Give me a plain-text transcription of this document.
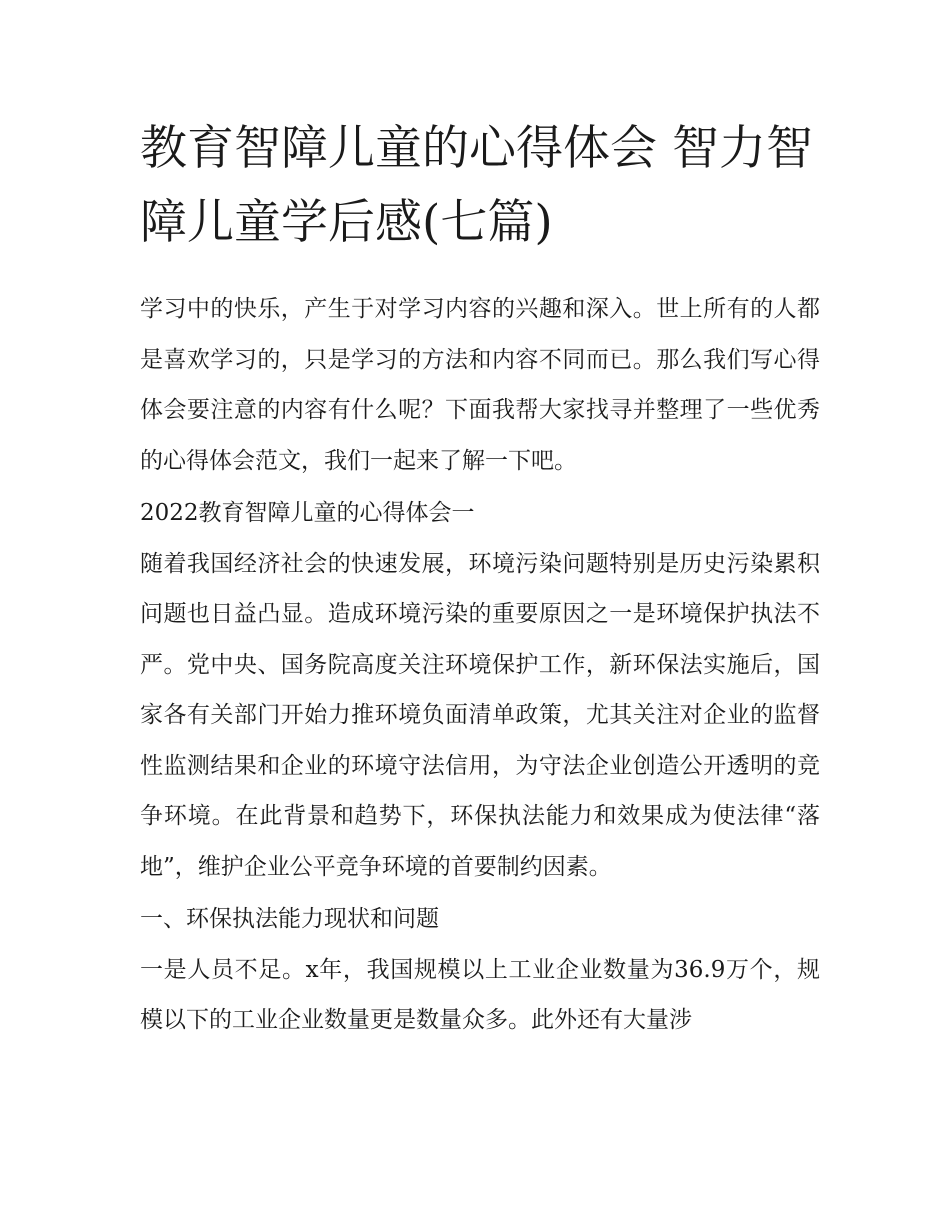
教育智障儿童的心得体会 智力智障儿童学后感(七篇)

学习中的快乐，产生于对学习内容的兴趣和深入。世上所有的人都是喜欢学习的，只是学习的方法和内容不同而已。那么我们写心得体会要注意的内容有什么呢？下面我帮大家找寻并整理了一些优秀的心得体会范文，我们一起来了解一下吧。

2022教育智障儿童的心得体会一

随着我国经济社会的快速发展，环境污染问题特别是历史污染累积问题也日益凸显。造成环境污染的重要原因之一是环境保护执法不严。党中央、国务院高度关注环境保护工作，新环保法实施后，国家各有关部门开始力推环境负面清单政策，尤其关注对企业的监督性监测结果和企业的环境守法信用，为守法企业创造公开透明的竞争环境。在此背景和趋势下，环保执法能力和效果成为使法律“落地”，维护企业公平竞争环境的首要制约因素。

一、环保执法能力现状和问题

一是人员不足。x年，我国规模以上工业企业数量为36.9万个，规模以下的工业企业数量更是数量众多。此外还有大量涉
